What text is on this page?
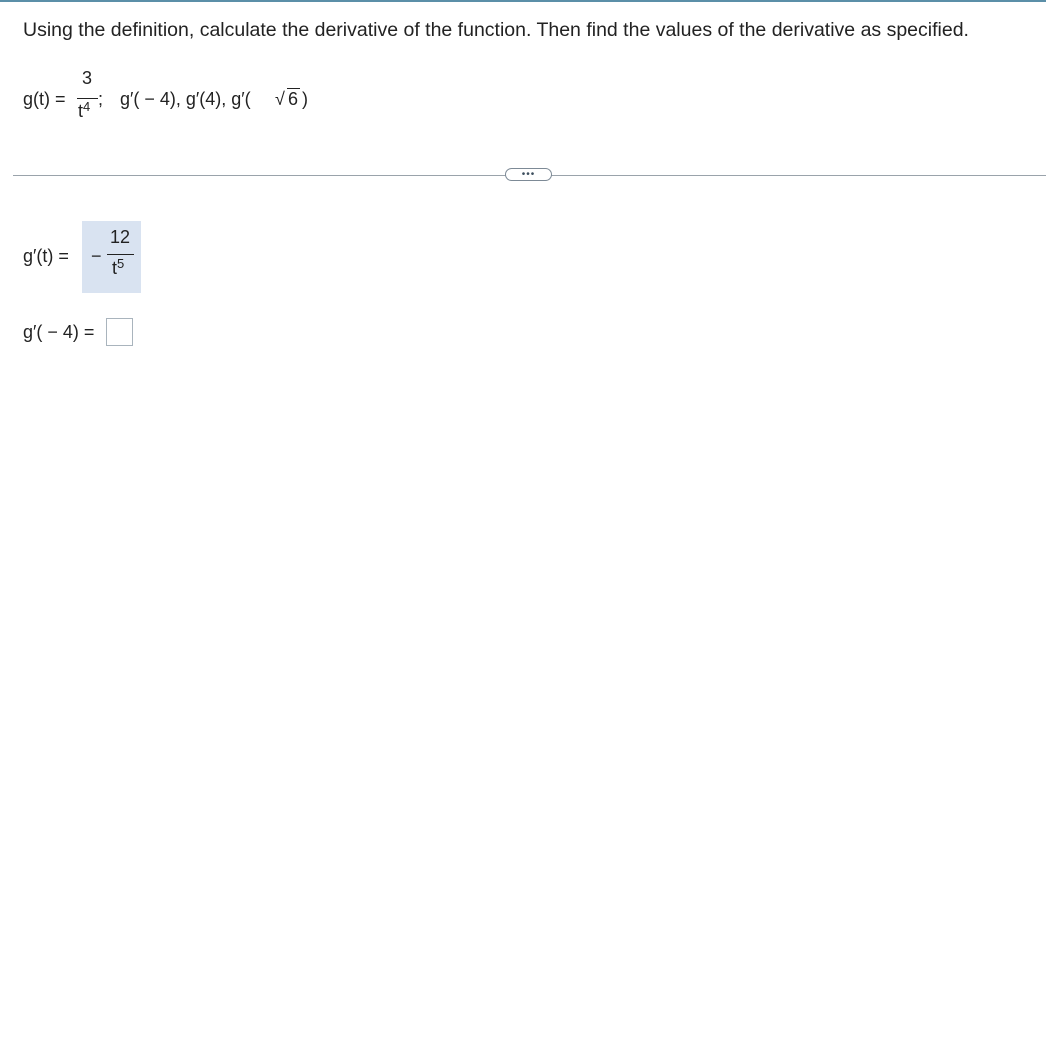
Using the definition, calculate the derivative of the function. Then find the values of the derivative as specified.
g(t) =
3
$t^4$ ; g′( − 4), g′(4), g′( √ 6 )
•••
g′(t) = −
12
$t^5$
g′( − 4) =
